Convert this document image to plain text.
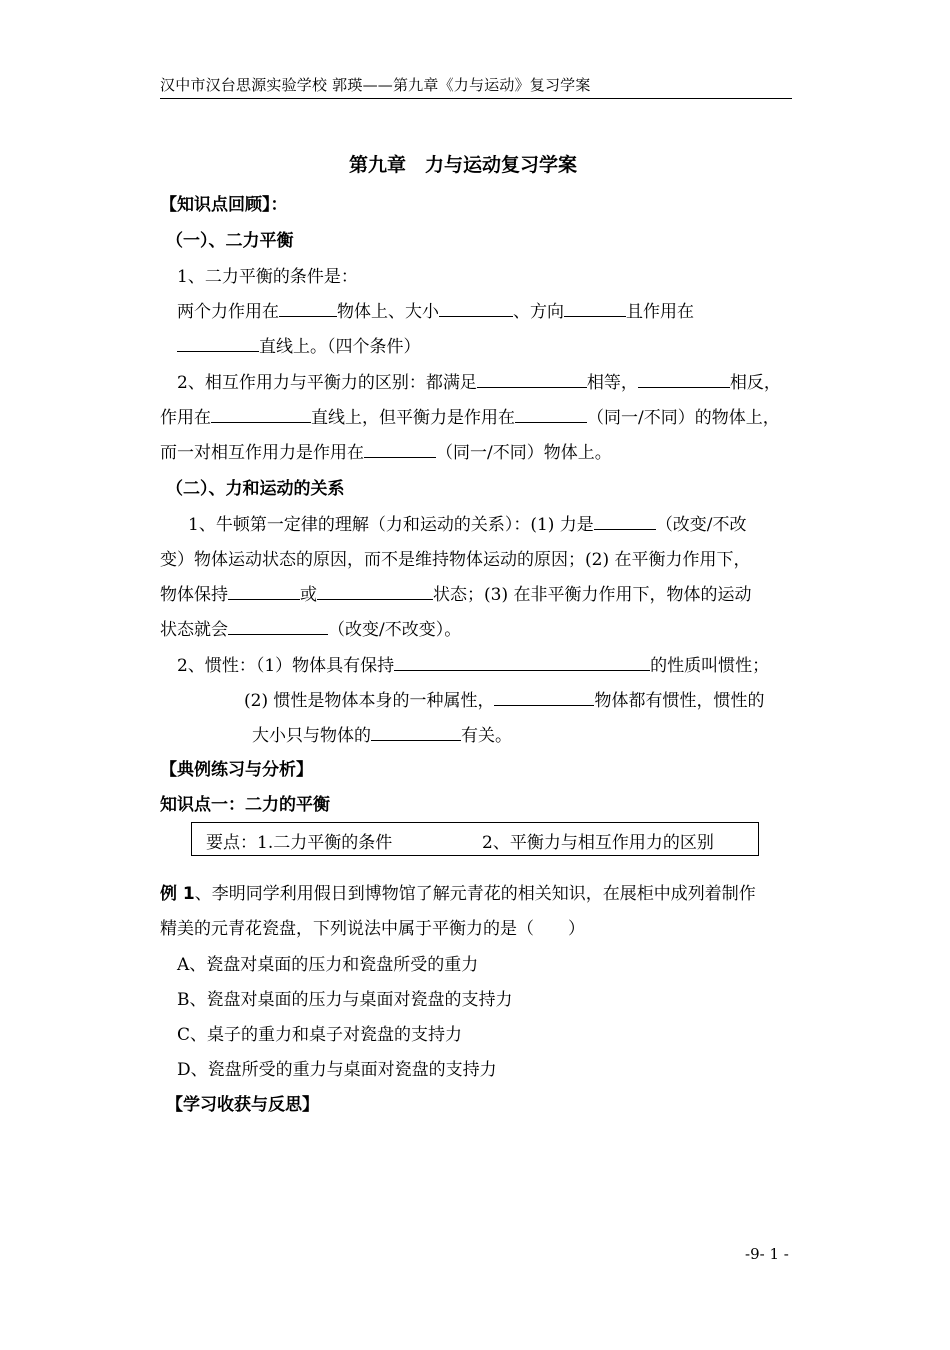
汉中市汉台思源实验学校 郭瑛——第九章《力与运动》复习学案
第九章　力与运动复习学案
【知识点回顾】：
（一）、二力平衡
1、二力平衡的条件是：
两个力作用在	物体上、大小	、方向	且作用在
直线上。（四个条件）
2、相互作用力与平衡力的区别：都满足	相等，	相反，
作用在	直线上，但平衡力是作用在	（同一/不同）的物体上，
而一对相互作用力是作用在	（同一/不同）物体上。
（二）、力和运动的关系
1、牛顿第一定律的理解（力和运动的关系）：(1) 力是	（改变/不改
变）物体运动状态的原因，而不是维持物体运动的原因；(2) 在平衡力作用下，
物体保持	或	状态；(3) 在非平衡力作用下，物体的运动
状态就会	（改变/不改变）。
2、惯性：（1）物体具有保持	的性质叫惯性；
(2) 惯性是物体本身的一种属性，	物体都有惯性，惯性的
大小只与物体的	有关。
【典例练习与分析】
知识点一：二力的平衡
要点：1.二力平衡的条件	2、平衡力与相互作用力的区别
例 1、李明同学利用假日到博物馆了解元青花的相关知识，在展柜中成列着制作
精美的元青花瓷盘，下列说法中属于平衡力的是（　　）
A、瓷盘对桌面的压力和瓷盘所受的重力
B、瓷盘对桌面的压力与桌面对瓷盘的支持力
C、桌子的重力和桌子对瓷盘的支持力
D、瓷盘所受的重力与桌面对瓷盘的支持力
【学习收获与反思】
-9- 1 -
